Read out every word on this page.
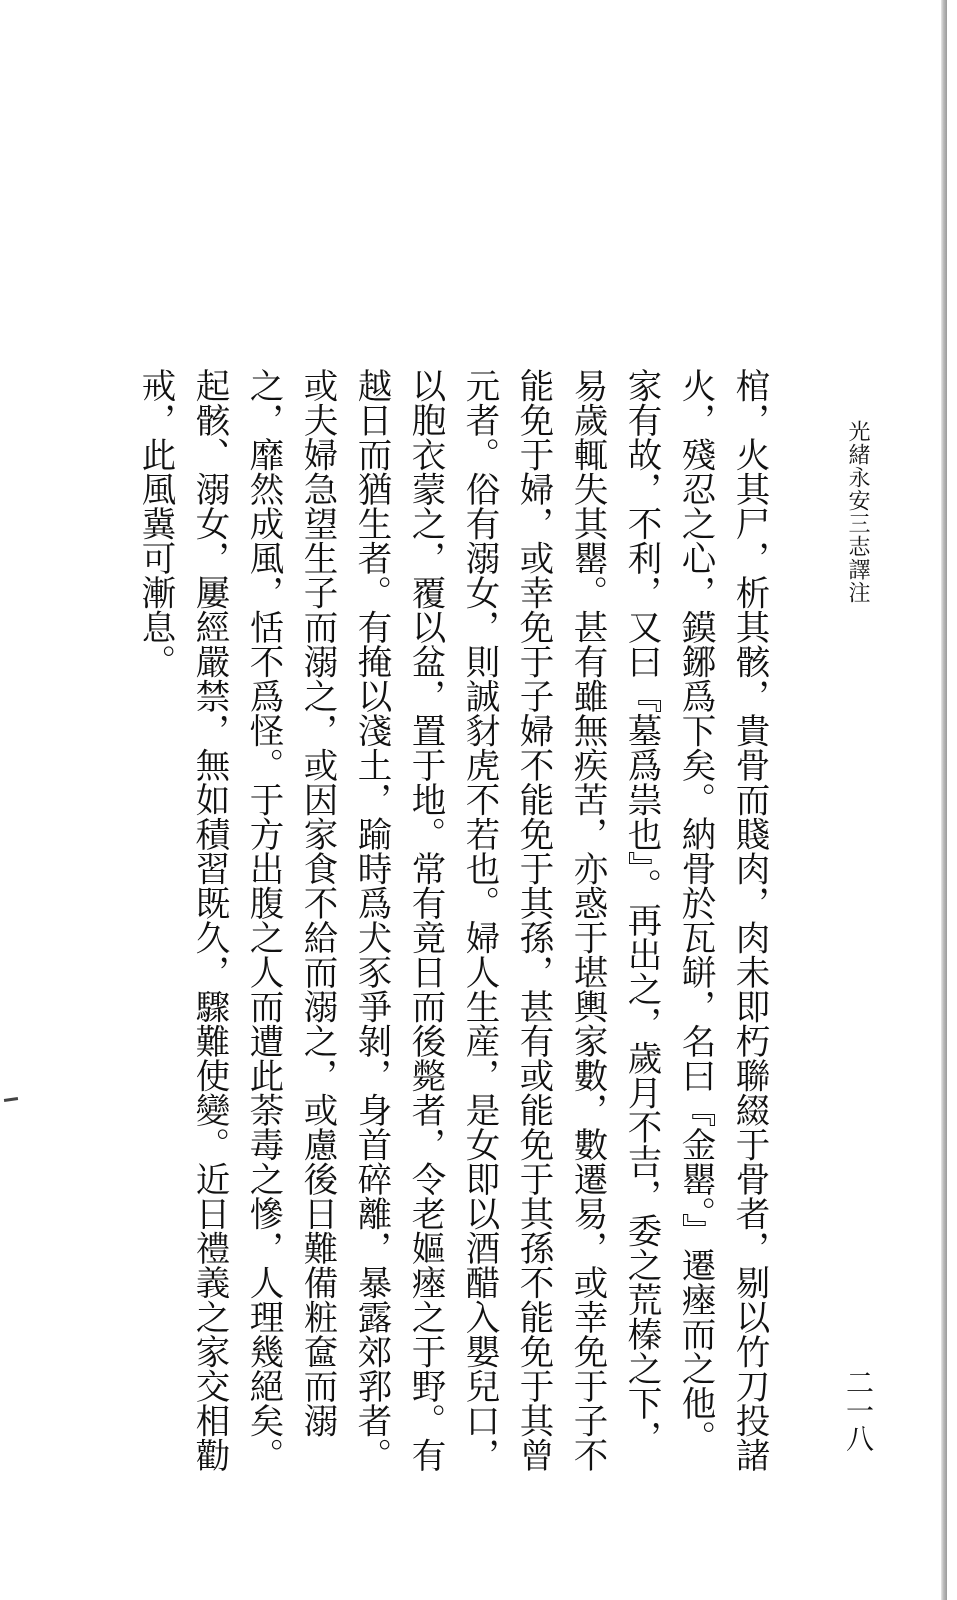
光緒永安三志譯注
二一八

棺，火其尸，析其骸，貴骨而賤肉，肉未即朽聯綴于骨者，剔以竹刀投諸火，殘忍之心，鏌鋣爲下矣。納骨於瓦缾，名曰『金罌。』遷瘞而之他。家有故，不利，又曰『墓爲祟也』。再出之，歲月不吉，委之荒榛之下，易歲輒失其罌。甚有雖無疾苦，亦惑于堪輿家數，數遷易，或幸免于子不能免于婦，或幸免于子婦不能免于其孫，甚有或能免于其孫不能免于其曾元者。俗有溺女，則誠豺虎不若也。婦人生産，是女即以酒醋入嬰兒口，以胞衣蒙之，覆以盆，置于地。常有竟日而後斃者，令老嫗瘞之于野。有越日而猶生者。有掩以淺土，踰時爲犬豕爭剝，身首碎離，暴露郊郛者。或夫婦急望生子而溺之，或因家食不給而溺之，或慮後日難備粧奩而溺之，靡然成風，恬不爲怪。于方出腹之人而遭此荼毒之慘，人理幾絕矣。起骸、溺女，屢經嚴禁，無如積習既久，驟難使變。近日禮義之家交相勸戒，此風冀可漸息。
